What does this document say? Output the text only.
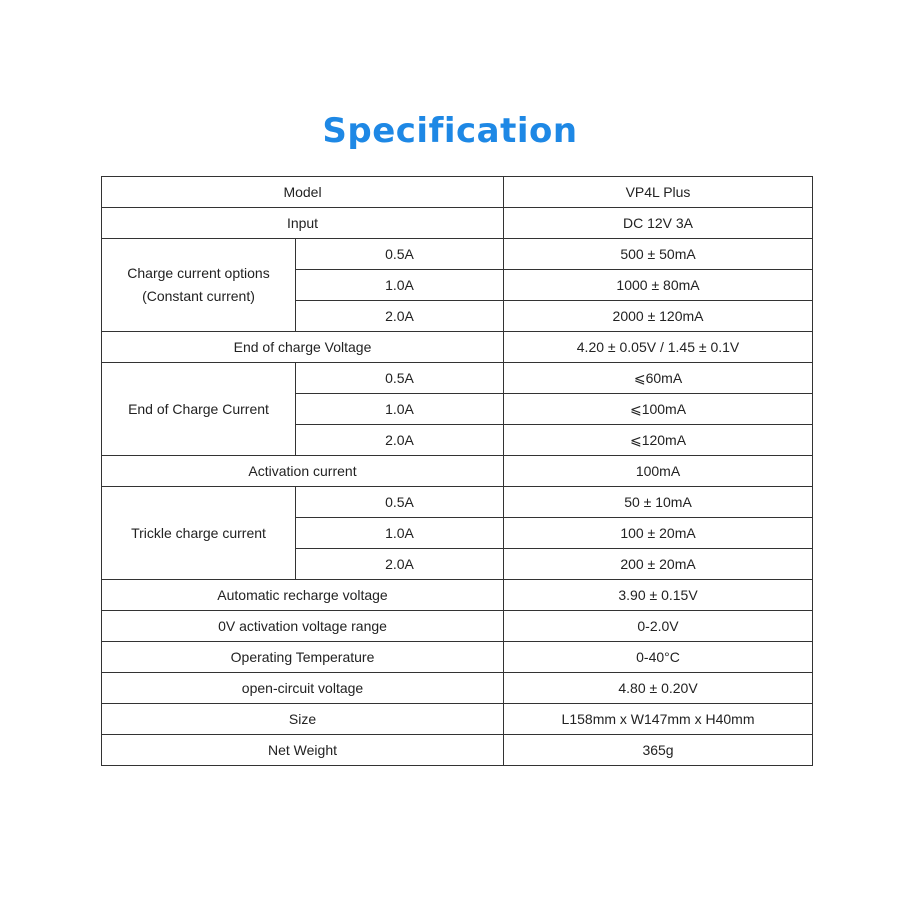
Specification
Model		VP4L Plus
Input		DC 12V 3A
Charge current options
(Constant current)	0.5A	500 ± 50mA
	1.0A	1000 ± 80mA
	2.0A	2000 ± 120mA
End of charge Voltage		4.20 ± 0.05V / 1.45 ± 0.1V
End of Charge Current	0.5A	⩽60mA
	1.0A	⩽100mA
	2.0A	⩽120mA
Activation current		100mA
Trickle charge current	0.5A	50 ± 10mA
	1.0A	100 ± 20mA
	2.0A	200 ± 20mA
Automatic recharge voltage		3.90 ± 0.15V
0V activation voltage range		0-2.0V
Operating Temperature		0-40°C
open-circuit voltage		4.80 ± 0.20V
Size		L158mm x W147mm x H40mm
Net Weight		365g
